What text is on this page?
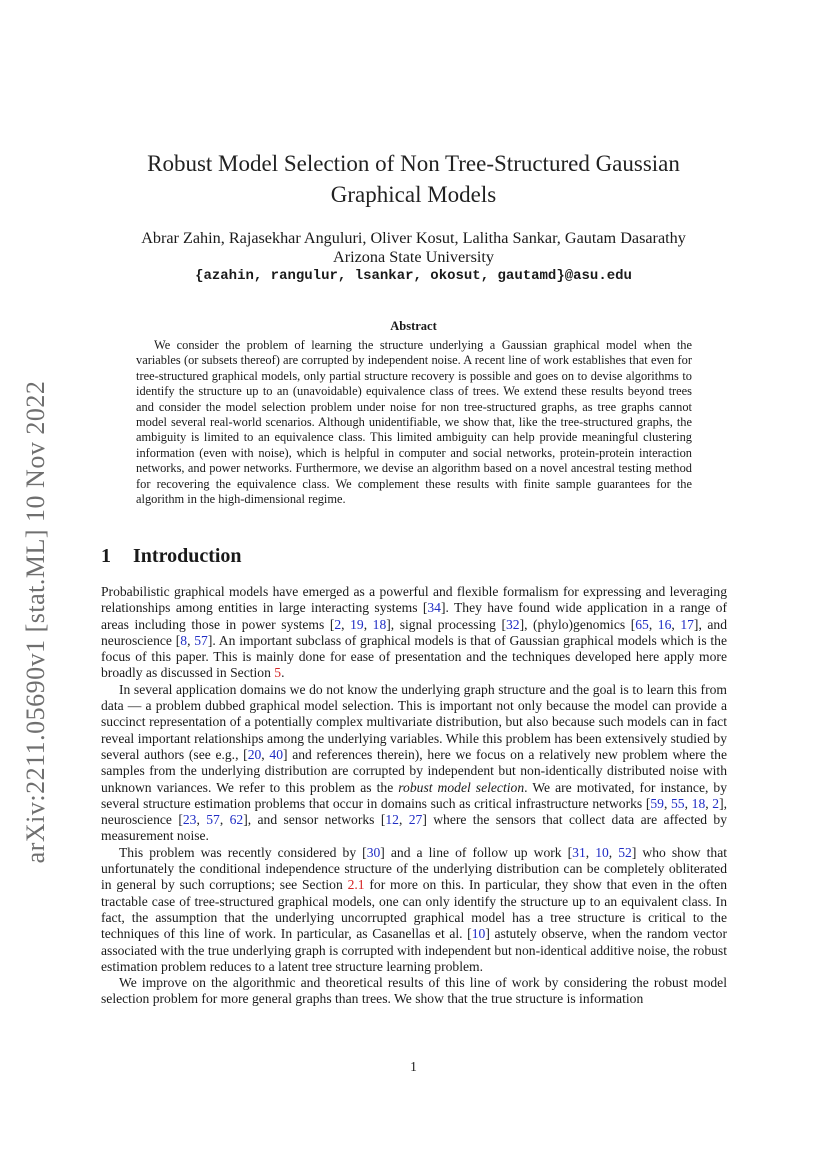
arXiv:2211.05690v1 [stat.ML] 10 Nov 2022
Robust Model Selection of Non Tree-Structured Gaussian
Graphical Models
Abrar Zahin, Rajasekhar Anguluri, Oliver Kosut, Lalitha Sankar, Gautam Dasarathy
Arizona State University
{azahin, rangulur, lsankar, okosut, gautamd}@asu.edu
Abstract

We consider the problem of learning the structure underlying a Gaussian graphical model when the variables (or subsets thereof) are corrupted by independent noise. A recent line of work establishes that even for tree-structured graphical models, only partial structure recovery is possible and goes on to devise algorithms to identify the structure up to an (unavoidable) equivalence class of trees. We extend these results beyond trees and consider the model selection problem under noise for non tree-structured graphs, as tree graphs cannot model several real-world scenarios. Although unidentifiable, we show that, like the tree-structured graphs, the ambiguity is limited to an equivalence class. This limited ambiguity can help provide meaningful clustering information (even with noise), which is helpful in computer and social networks, protein-protein interaction networks, and power networks. Furthermore, we devise an algorithm based on a novel ancestral testing method for recovering the equivalence class. We complement these results with finite sample guarantees for the algorithm in the high-dimensional regime.

1 Introduction

Probabilistic graphical models have emerged as a powerful and flexible formalism for expressing and leveraging relationships among entities in large interacting systems [34]. They have found wide application in a range of areas including those in power systems [2, 19, 18], signal processing [32], (phylo)genomics [65, 16, 17], and neuroscience [8, 57]. An important subclass of graphical models is that of Gaussian graphical models which is the focus of this paper. This is mainly done for ease of presentation and the techniques developed here apply more broadly as discussed in Section 5.

In several application domains we do not know the underlying graph structure and the goal is to learn this from data — a problem dubbed graphical model selection. This is important not only because the model can provide a succinct representation of a potentially complex multivariate distribution, but also because such models can in fact reveal important relationships among the underlying variables. While this problem has been extensively studied by several authors (see e.g., [20, 40] and references therein), here we focus on a relatively new problem where the samples from the underlying distribution are corrupted by independent but non-identically distributed noise with unknown variances. We refer to this problem as the robust model selection. We are motivated, for instance, by several structure estimation problems that occur in domains such as critical infrastructure networks [59, 55, 18, 2], neuroscience [23, 57, 62], and sensor networks [12, 27] where the sensors that collect data are affected by measurement noise.

This problem was recently considered by [30] and a line of follow up work [31, 10, 52] who show that unfortunately the conditional independence structure of the underlying distribution can be completely obliterated in general by such corruptions; see Section 2.1 for more on this. In particular, they show that even in the often tractable case of tree-structured graphical models, one can only identify the structure up to an equivalent class. In fact, the assumption that the underlying uncorrupted graphical model has a tree structure is critical to the techniques of this line of work. In particular, as Casanellas et al. [10] astutely observe, when the random vector associated with the true underlying graph is corrupted with independent but non-identical additive noise, the robust estimation problem reduces to a latent tree structure learning problem.

We improve on the algorithmic and theoretical results of this line of work by considering the robust model selection problem for more general graphs than trees. We show that the true structure is information

1
